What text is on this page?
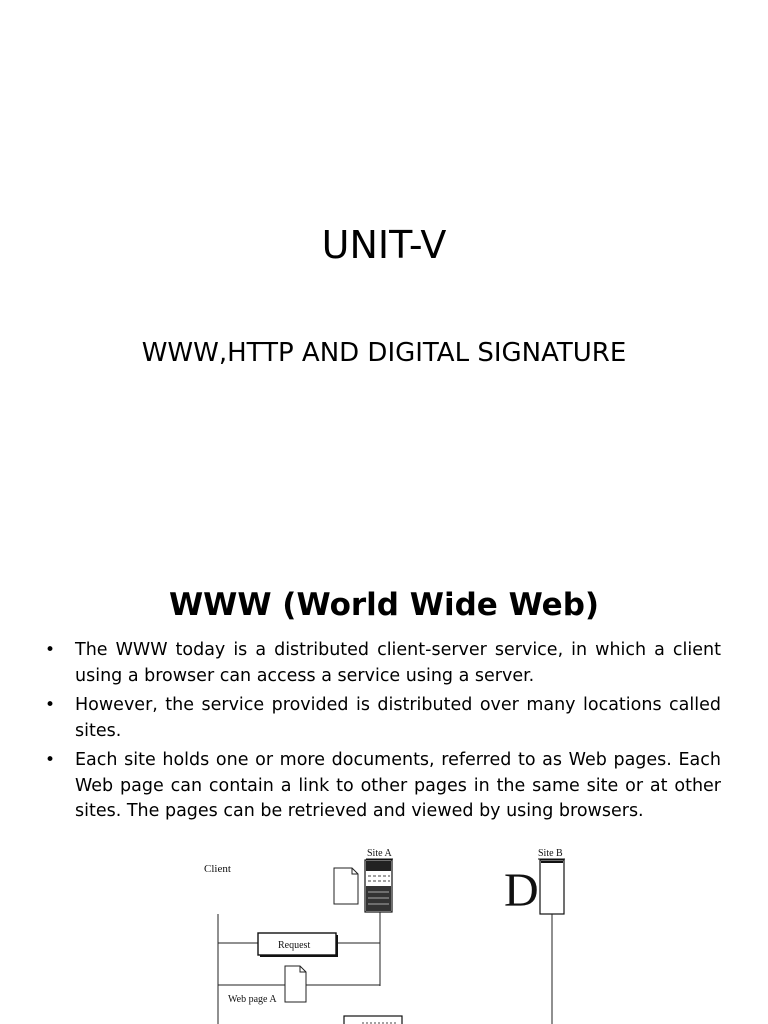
UNIT-V
WWW,HTTP AND DIGITAL SIGNATURE
WWW (World Wide Web)
• The WWW today is a distributed client-server service, in which a client using a browser can access a service using a server.
• However, the service provided is distributed over many locations called sites.
• Each site holds one or more documents, referred to as Web pages. Each Web page can contain a link to other pages in the same site or at other sites. The pages can be retrieved and viewed by using browsers.
Client
Site A	Site B
D
Request
Web page A
